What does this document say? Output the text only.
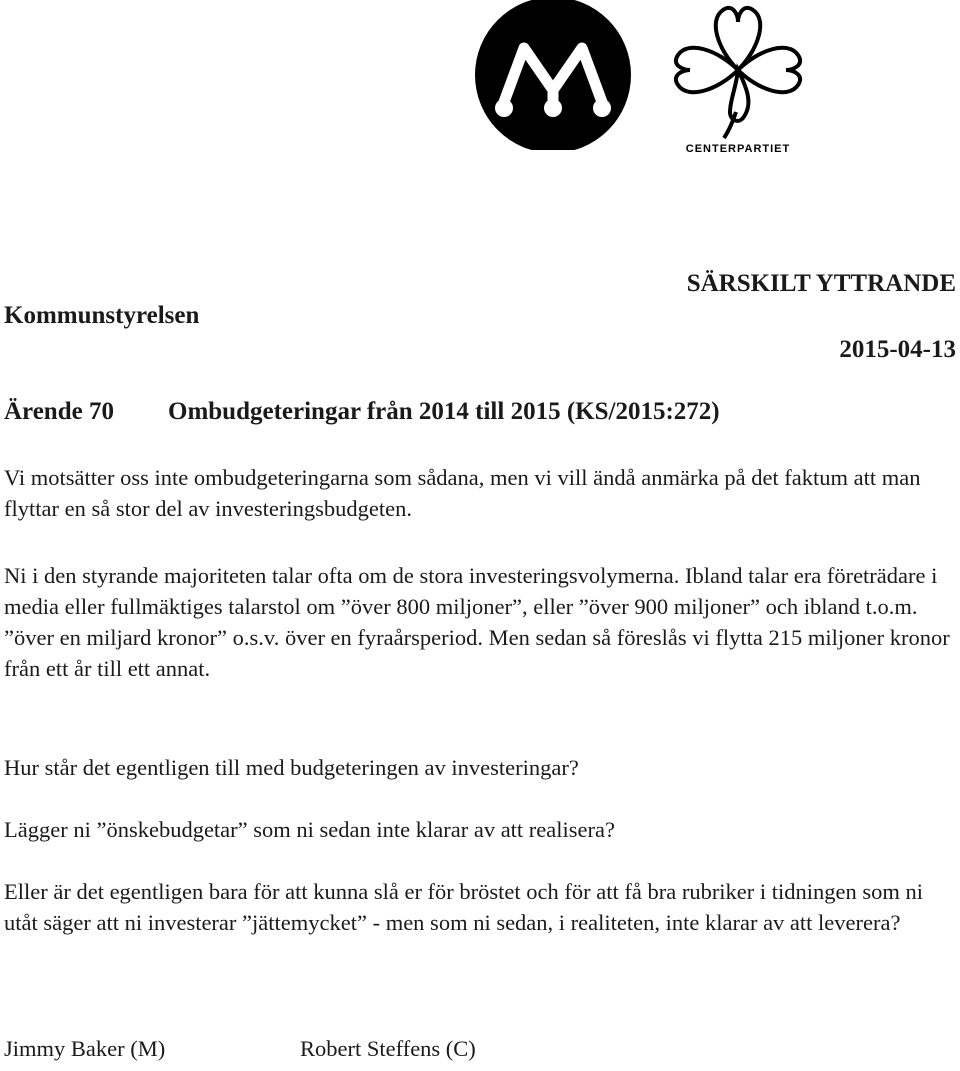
CENTERPARTIET
Kommunstyrelsen
SÄRSKILT YTTRANDE
2015-04-13
Ärende 70 Ombudgeteringar från 2014 till 2015 (KS/2015:272)

Vi motsätter oss inte ombudgeteringarna som sådana, men vi vill ändå anmärka på det faktum att man flyttar en så stor del av investeringsbudgeten.

Ni i den styrande majoriteten talar ofta om de stora investeringsvolymerna. Ibland talar era företrädare i media eller fullmäktiges talarstol om ”över 800 miljoner”, eller ”över 900 miljoner” och ibland t.o.m. ”över en miljard kronor” o.s.v. över en fyraårsperiod. Men sedan så föreslås vi flytta 215 miljoner kronor från ett år till ett annat.

Hur står det egentligen till med budgeteringen av investeringar?

Lägger ni ”önskebudgetar” som ni sedan inte klarar av att realisera?

Eller är det egentligen bara för att kunna slå er för bröstet och för att få bra rubriker i tidningen som ni utåt säger att ni investerar ”jättemycket” - men som ni sedan, i realiteten, inte klarar av att leverera?

Jimmy Baker (M)	Robert Steffens (C)
